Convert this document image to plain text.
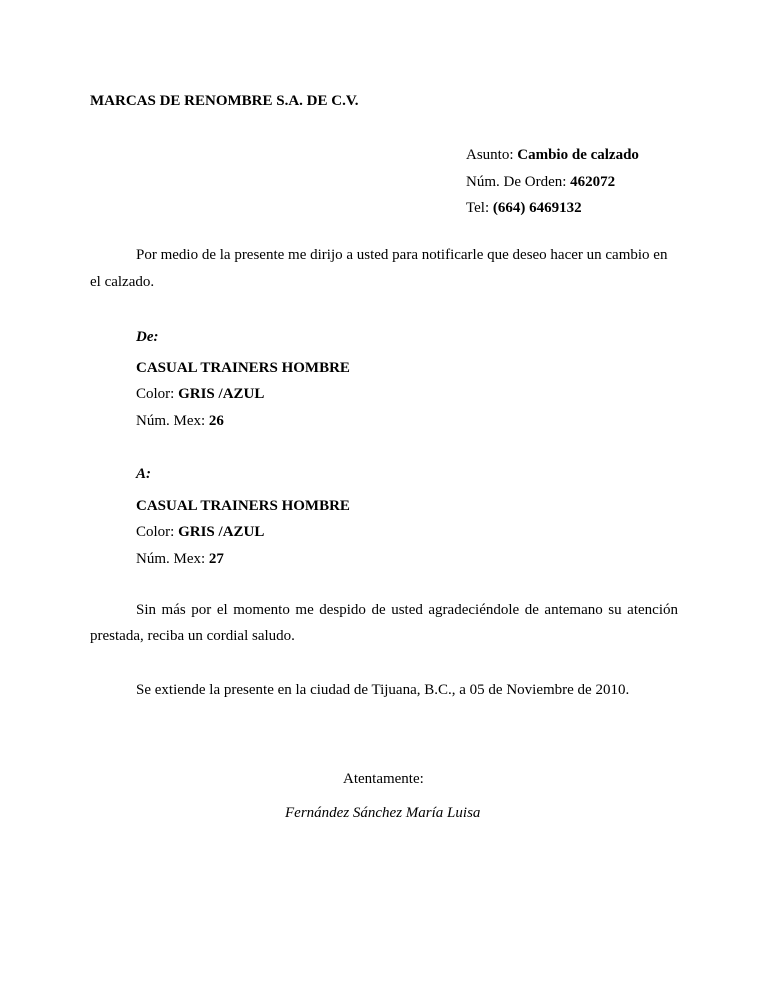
MARCAS DE RENOMBRE S.A. DE C.V.
Asunto: Cambio de calzado
Núm. De Orden: 462072
Tel: (664) 6469132
Por medio de la presente me dirijo a usted para notificarle que deseo hacer un cambio en
el calzado.
De:
CASUAL TRAINERS HOMBRE
Color: GRIS /AZUL
Núm. Mex: 26
A:
CASUAL TRAINERS HOMBRE
Color: GRIS /AZUL
Núm. Mex: 27
Sin más por el momento me despido de usted agradeciéndole de antemano su atención
prestada, reciba un cordial saludo.
Se extiende la presente en la ciudad de Tijuana, B.C., a 05 de Noviembre de 2010.
Atentamente:
Fernández Sánchez María Luisa
